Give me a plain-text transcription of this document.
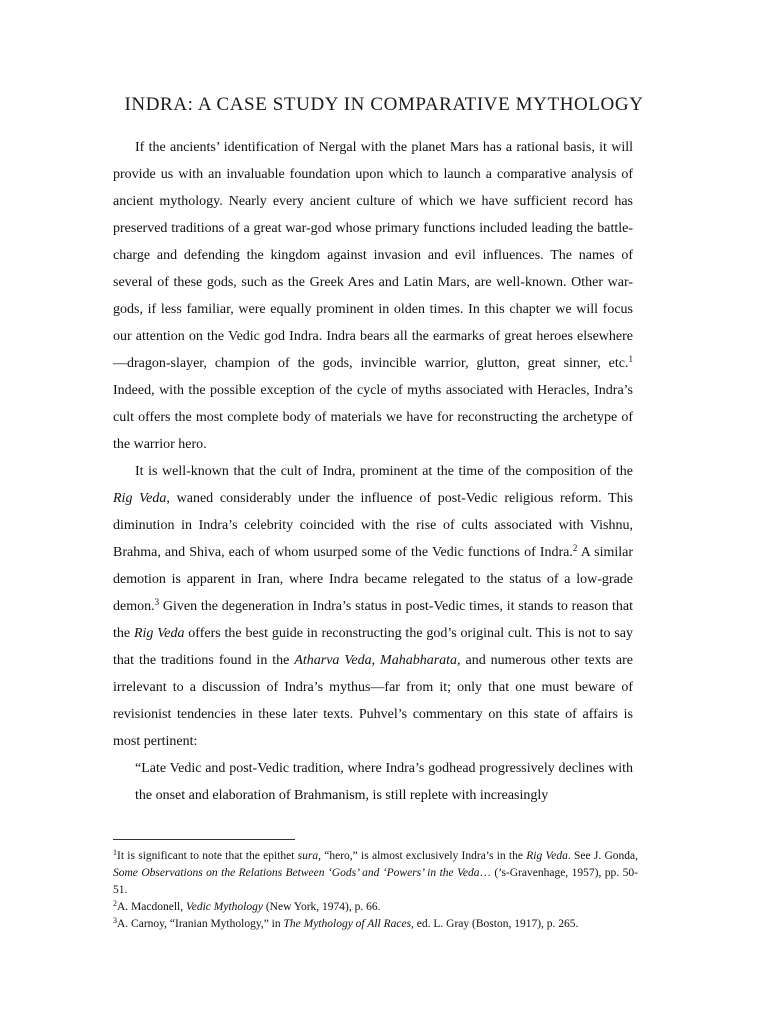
INDRA: A CASE STUDY IN COMPARATIVE MYTHOLOGY

If the ancients’ identification of Nergal with the planet Mars has a rational basis, it will provide us with an invaluable foundation upon which to launch a comparative analysis of ancient mythology. Nearly every ancient culture of which we have sufficient record has preserved traditions of a great war-god whose primary functions included leading the battle-charge and defending the kingdom against invasion and evil influences. The names of several of these gods, such as the Greek Ares and Latin Mars, are well-known. Other war-gods, if less familiar, were equally prominent in olden times. In this chapter we will focus our attention on the Vedic god Indra. Indra bears all the earmarks of great heroes elsewhere—dragon-slayer, champion of the gods, invincible warrior, glutton, great sinner, etc.$^1$ Indeed, with the possible exception of the cycle of myths associated with Heracles, Indra’s cult offers the most complete body of materials we have for reconstructing the archetype of the warrior hero.

It is well-known that the cult of Indra, prominent at the time of the composition of the Rig Veda, waned considerably under the influence of post-Vedic religious reform. This diminution in Indra’s celebrity coincided with the rise of cults associated with Vishnu, Brahma, and Shiva, each of whom usurped some of the Vedic functions of Indra.$^2$ A similar demotion is apparent in Iran, where Indra became relegated to the status of a low-grade demon.$^3$ Given the degeneration in Indra’s status in post-Vedic times, it stands to reason that the Rig Veda offers the best guide in reconstructing the god’s original cult. This is not to say that the traditions found in the Atharva Veda, Mahabharata, and numerous other texts are irrelevant to a discussion of Indra’s mythus—far from it; only that one must beware of revisionist tendencies in these later texts. Puhvel’s commentary on this state of affairs is most pertinent:

“Late Vedic and post-Vedic tradition, where Indra’s godhead progressively declines with the onset and elaboration of Brahmanism, is still replete with increasingly

$^1$It is significant to note that the epithet sura, “hero,” is almost exclusively Indra’s in the Rig Veda. See J. Gonda, Some Observations on the Relations Between ‘Gods’ and ‘Powers’ in the Veda… (’s-Gravenhage, 1957), pp. 50-51.

$^2$A. Macdonell, Vedic Mythology (New York, 1974), p. 66.

$^3$A. Carnoy, “Iranian Mythology,” in The Mythology of All Races, ed. L. Gray (Boston, 1917), p. 265.
